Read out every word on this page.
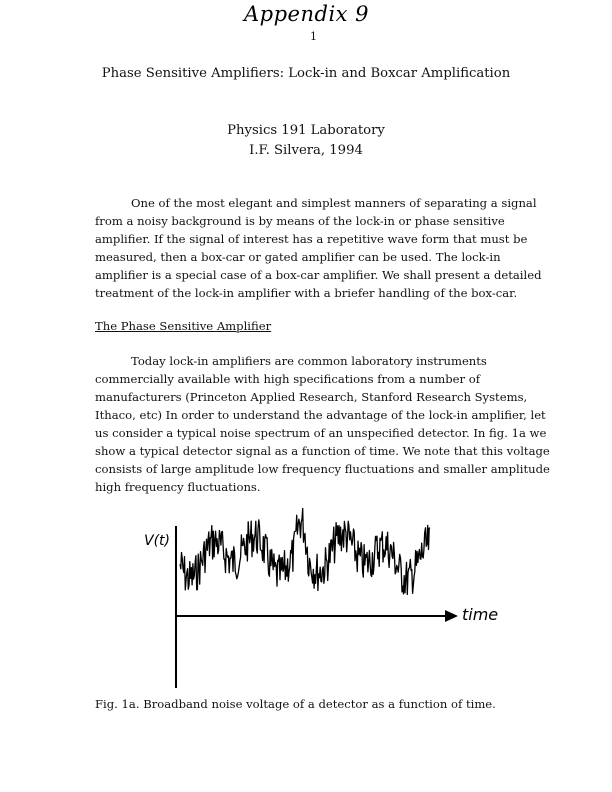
Appendix 9
1
Phase Sensitive Amplifiers: Lock-in and Boxcar Amplification
Physics 191 Laboratory
I.F. Silvera, 1994
One of the most elegant and simplest manners of separating a signal
from a noisy background is by means of the lock-in or phase sensitive
amplifier. If the signal of interest has a repetitive wave form that must be
measured, then a box-car or gated amplifier can be used. The lock-in
amplifier is a special case of a box-car amplifier. We shall present a detailed
treatment of the lock-in amplifier with a briefer handling of the box-car.
The Phase Sensitive Amplifier
Today lock-in amplifiers are common laboratory instruments
commercially available with high specifications from a number of
manufacturers (Princeton Applied Research, Stanford Research Systems,
Ithaco, etc) In order to understand the advantage of the lock-in amplifier, let
us consider a typical noise spectrum of an unspecified detector. In fig. 1a we
show a typical detector signal as a function of time. We note that this voltage
consists of large amplitude low frequency fluctuations and smaller amplitude
high frequency fluctuations.
V(t)
time
Fig. 1a. Broadband noise voltage of a detector as a function of time.
